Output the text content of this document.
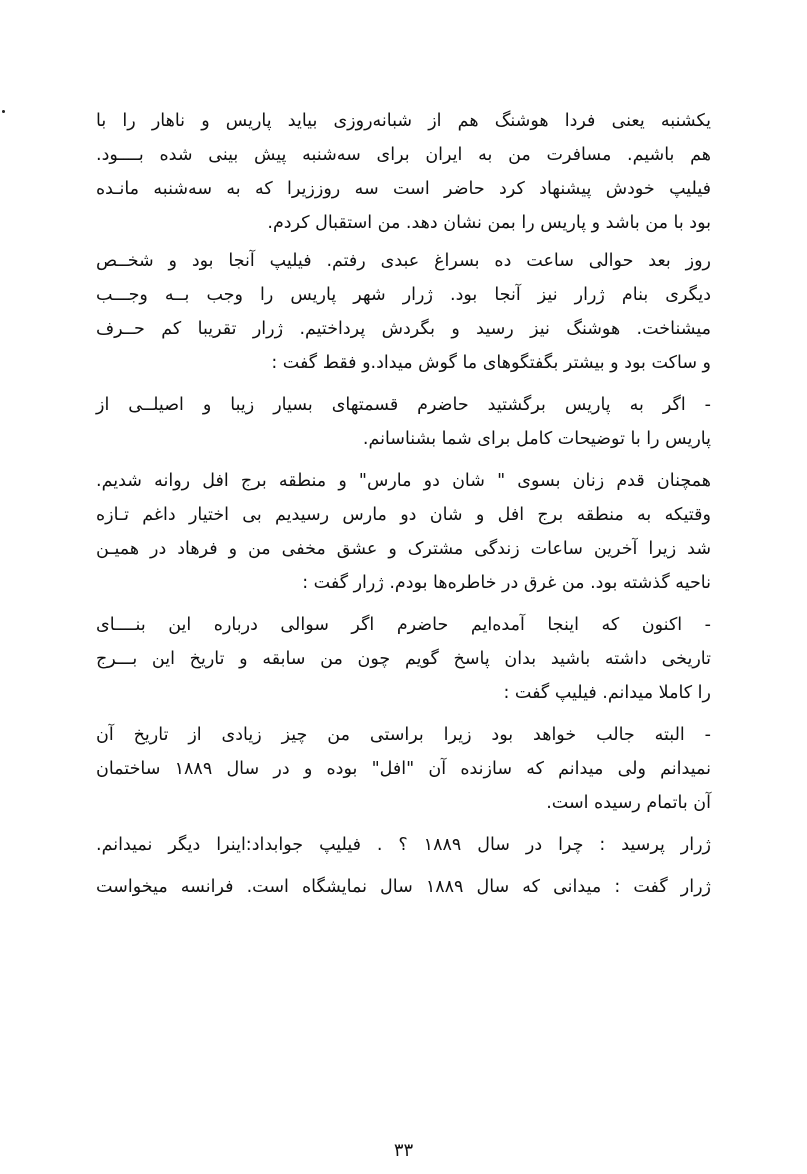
یکشنبه یعنی فردا هوشنگ هم از شبانه‌روزی بیاید پاریس و ناهار را با
هم باشیم. مسافرت من به ایران برای سه‌شنبه پیش بینی شده بــــود.
فیلیپ خودش پیشنهاد کرد حاضر است سه روززیرا که به سه‌شنبه مانـده
بود با من باشد و پاریس را بمن نشان دهد. من استقبال کردم.
روز بعد حوالی ساعت ده بسراغ عبدی رفتم. فیلیپ آنجا بود و شخــص
دیگری بنام ژرار نیز آنجا بود. ژرار شهر پاریس را وجب بــه وجـــب
میشناخت. هوشنگ نیز رسید و بگردش پرداختیم. ژرار تقریبا کم حــرف
و ساکت بود و بیشتر بگفتگوهای ما گوش میداد.و فقط گفت :
- اگر به پاریس برگشتید حاضرم قسمتهای بسیار زیبا و اصیلــی از
پاریس را با توضیحات کامل برای شما بشناسانم.
همچنان قدم زنان بسوی " شان دو مارس" و منطقه برج افل روانه شدیم.
وقتیکه به منطقه برج افل و شان دو مارس رسیدیم بی اختیار داغم تـازه
شد زیرا آخرین ساعات زندگی مشترک و عشق مخفی من و فرهاد در همیـن
ناحیه گذشته بود. من غرق در خاطره‌ها بودم. ژرار گفت :
- اکنون که اینجا آمده‌ایم حاضرم اگر سوالی درباره این بنــــای
تاریخی داشته باشید بدان پاسخ گویم چون من سابقه و تاریخ این بـــرج
را کاملا میدانم. فیلیپ گفت :
- البته جالب خواهد بود زیرا براستی من چیز زیادی از تاریخ آن
نمیدانم ولی میدانم که سازنده آن "افل" بوده و در سال ۱۸۸۹ ساختمان
آن باتمام رسیده است.
ژرار پرسید : چرا در سال ۱۸۸۹ ؟ . فیلیپ جوابداد:اینرا دیگر نمیدانم.
ژرار گفت : میدانی که سال ۱۸۸۹ سال نمایشگاه است. فرانسه میخواست
۳۳
